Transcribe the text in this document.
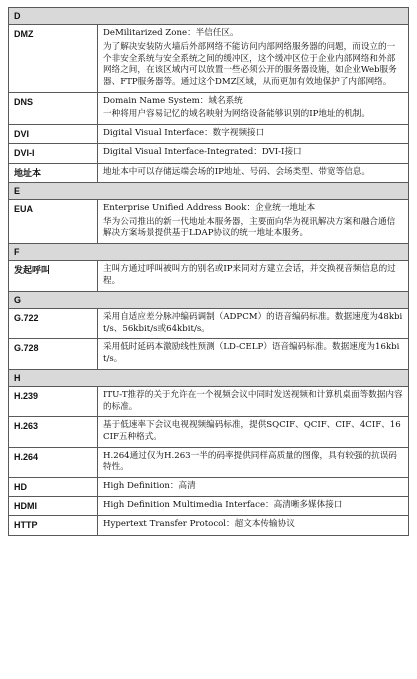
D	
DMZ	DeMilitarized Zone：半信任区。
为了解决安装防火墙后外部网络不能访问内部网络服务器的问题，而设立的一个非安全系统与安全系统之间的缓冲区，这个缓冲区位于企业内部网络和外部网络之间，在该区域内可以放置一些必须公开的服务器设施，如企业Web服务器、FTP服务器等。通过这个DMZ区域，从而更加有效地保护了内部网络。

DNS	Domain Name System：域名系统
一种将用户容易记忆的域名映射为网络设备能够识别的IP地址的机制。

DVI	Digital Visual Interface：数字视频接口

DVI-I	Digital Visual Interface-Integrated：DVI-I接口

地址本	地址本中可以存储远端会场的IP地址、号码、会场类型、带宽等信息。

E	
EUA	Enterprise Unified Address Book：企业统一地址本
华为公司推出的新一代地址本服务器，主要面向华为视讯解决方案和融合通信解决方案场景提供基于LDAP协议的统一地址本服务。

F	
发起呼叫	主叫方通过呼叫被叫方的别名或IP来同对方建立会话，并交换视音频信息的过程。

G	
G.722	采用自适应差分脉冲编码调制（ADPCM）的语音编码标准。数据速度为48kbit/s、56kbit/s或64kbit/s。

G.728	采用低时延码本激励线性预测（LD-CELP）语音编码标准。数据速度为16kbit/s。

H	
H.239	ITU-T推荐的关于允许在一个视频会议中同时发送视频和计算机桌面等数据内容的标准。

H.263	基于低速率下会议电视视频编码标准，提供SQCIF、QCIF、CIF、4CIF、16CIF五种格式。

H.264	H.264通过仅为H.263一半的码率提供同样高质量的图像，具有较强的抗误码特性。

HD	High Definition：高清

HDMI	High Definition Multimedia Interface：高清晰多媒体接口

HTTP	Hypertext Transfer Protocol：超文本传输协议
